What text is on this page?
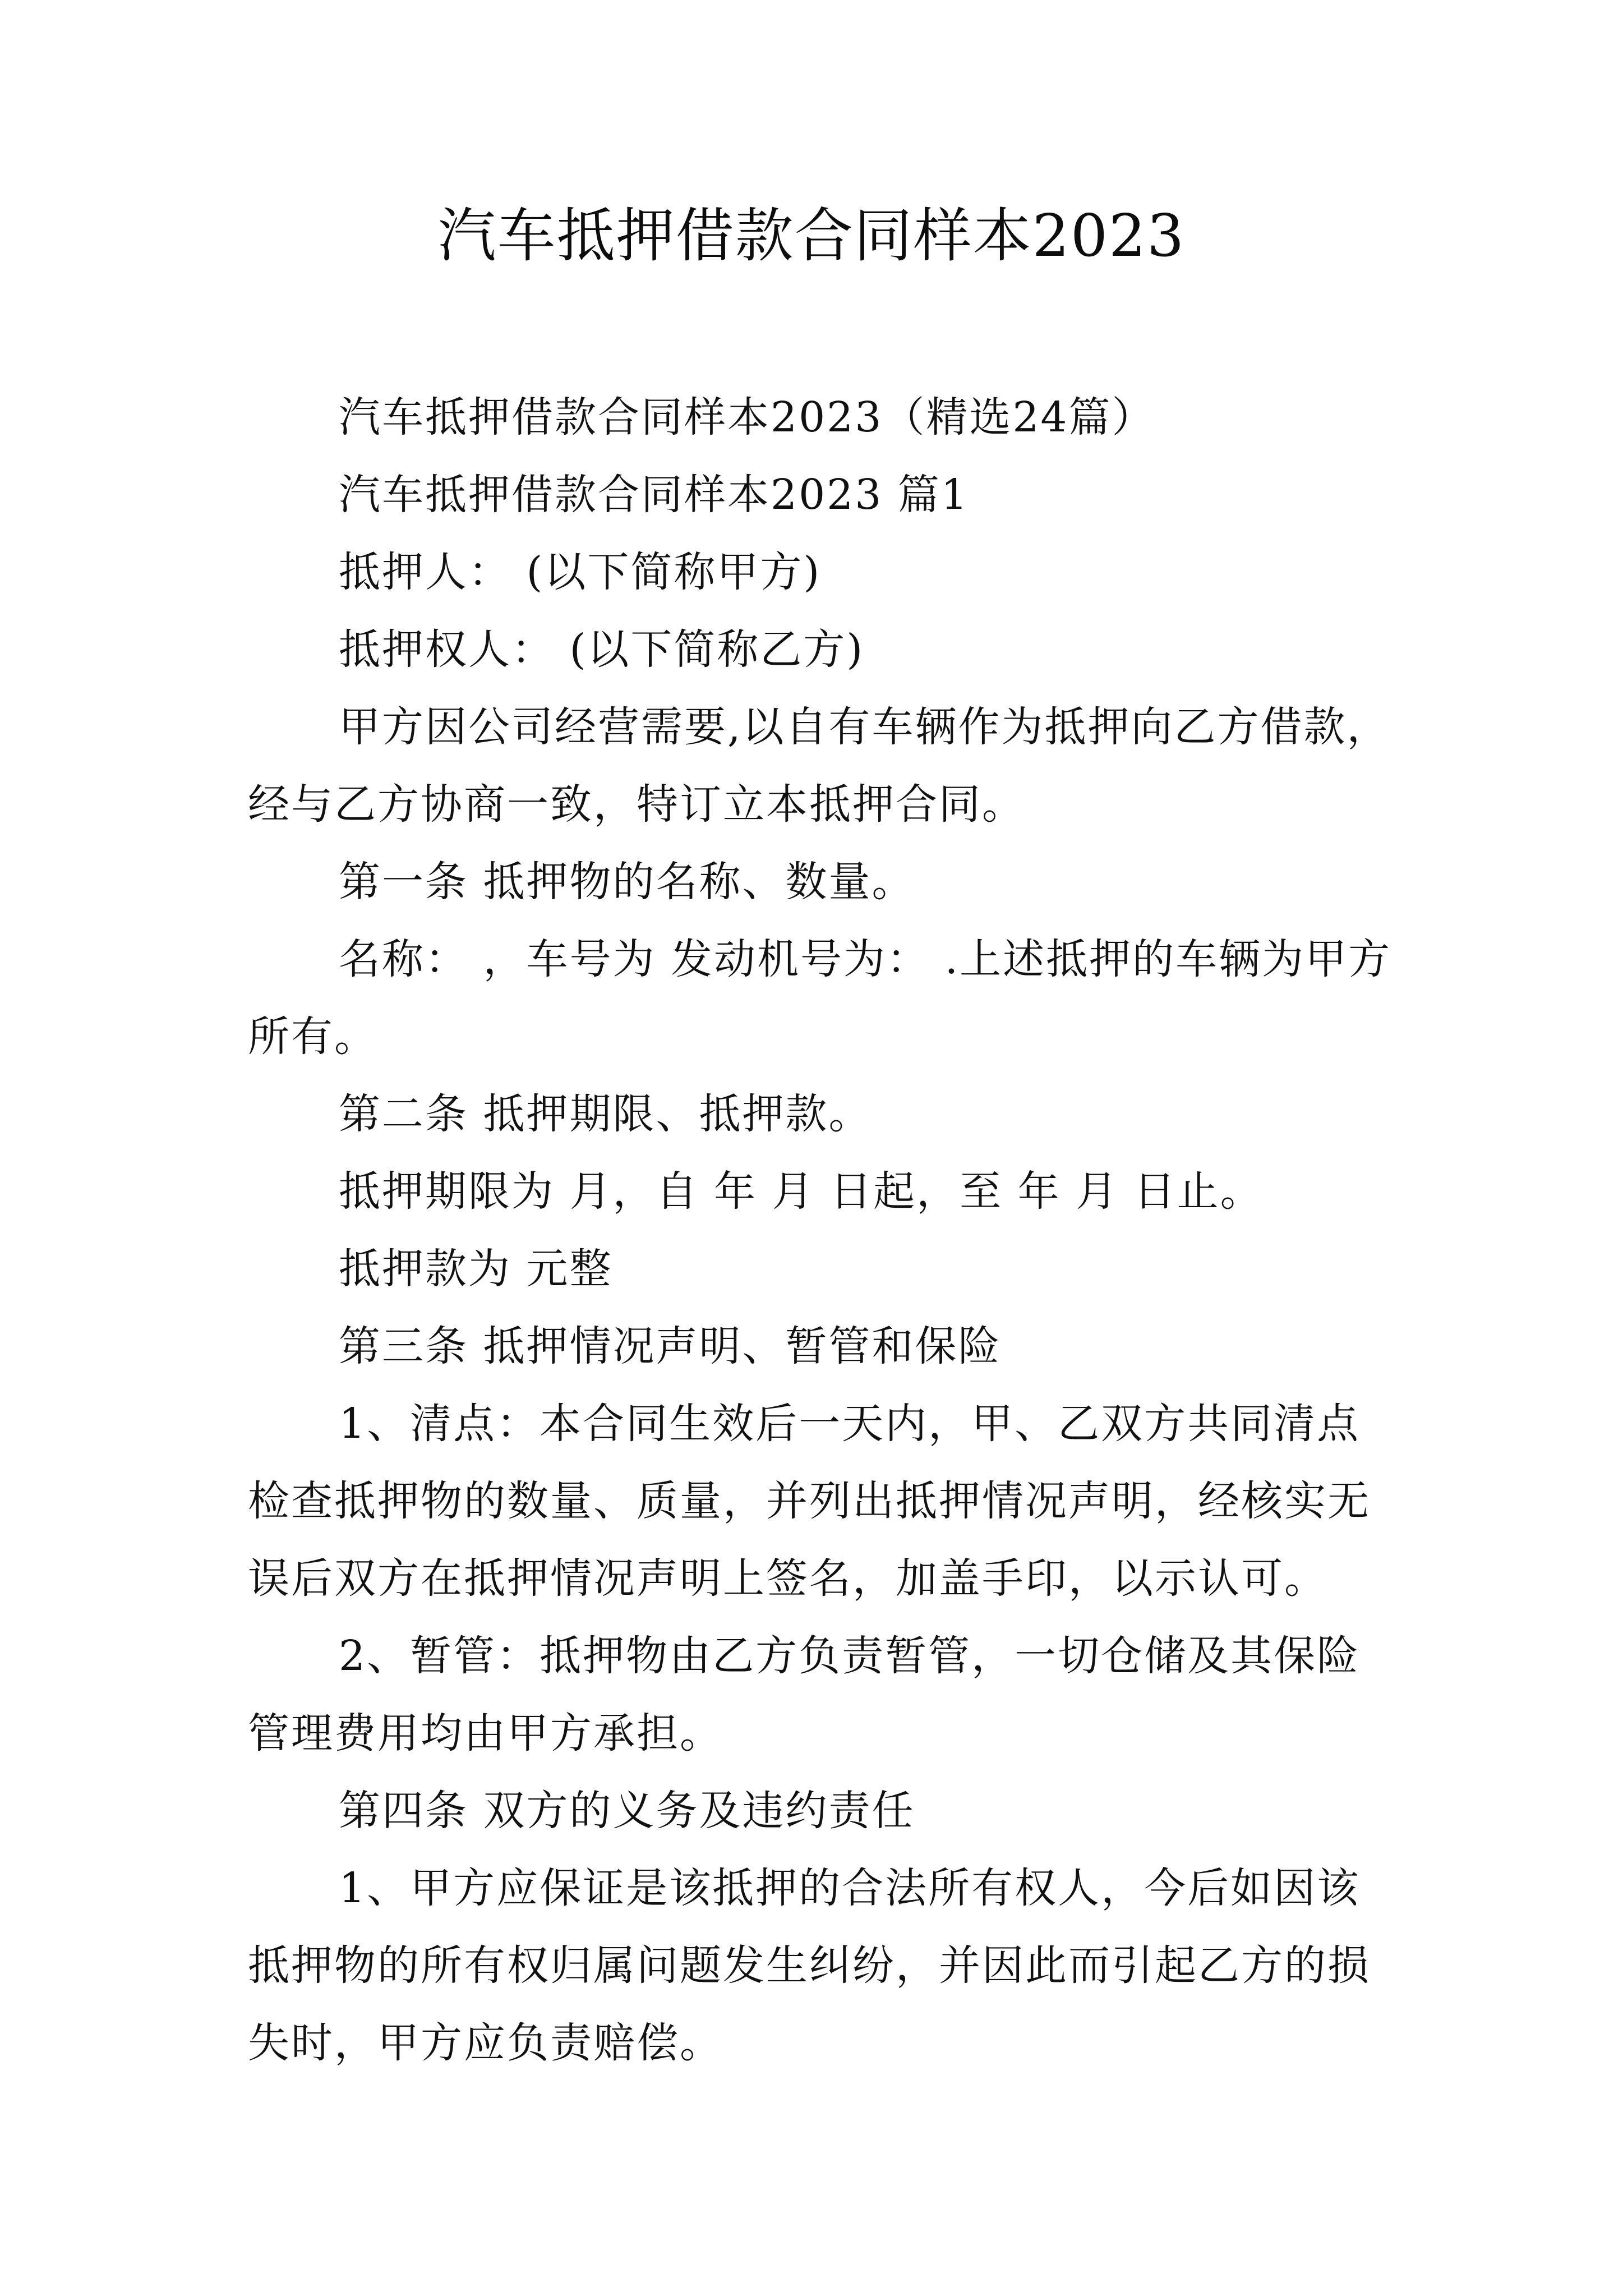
汽车抵押借款合同样本2023

汽车抵押借款合同样本2023（精选24篇）

汽车抵押借款合同样本2023 篇1

抵押人： (以下简称甲方)

抵押权人： (以下简称乙方)

甲方因公司经营需要,以自有车辆作为抵押向乙方借款，经与乙方协商一致，特订立本抵押合同。

第一条 抵押物的名称、数量。

名称： ，车号为 发动机号为： .上述抵押的车辆为甲方所有。

第二条 抵押期限、抵押款。

抵押期限为 月，自 年 月 日起，至 年 月 日止。

抵押款为 元整

第三条 抵押情况声明、暂管和保险

1、清点：本合同生效后一天内，甲、乙双方共同清点检查抵押物的数量、质量，并列出抵押情况声明，经核实无误后双方在抵押情况声明上签名，加盖手印，以示认可。

2、暂管：抵押物由乙方负责暂管，一切仓储及其保险管理费用均由甲方承担。

第四条 双方的义务及违约责任

1、甲方应保证是该抵押的合法所有权人，今后如因该抵押物的所有权归属问题发生纠纷，并因此而引起乙方的损失时，甲方应负责赔偿。
